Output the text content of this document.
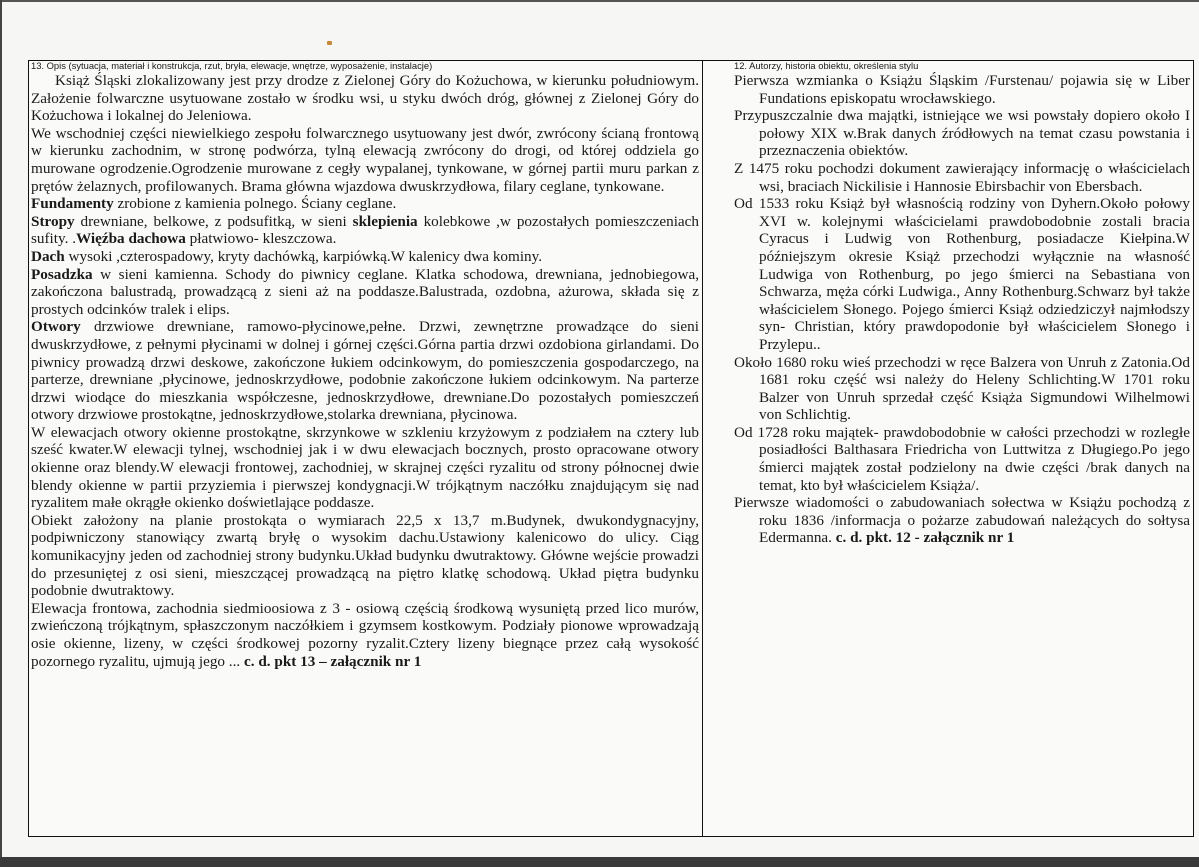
13. Opis (sytuacja, materiał i konstrukcja, rzut, bryła, elewacje, wnętrze, wyposażenie, instalacje)

Książ Śląski zlokalizowany jest przy drodze z Zielonej Góry do Kożuchowa, w kierunku południowym. Założenie folwarczne usytuowane zostało w środku wsi, u styku dwóch dróg, głównej z Zielonej Góry do Kożuchowa i lokalnej do Jeleniowa.

We wschodniej części niewielkiego zespołu folwarcznego usytuowany jest dwór, zwrócony ścianą frontową w kierunku zachodnim, w stronę podwórza, tylną elewacją zwrócony do drogi, od której oddziela go murowane ogrodzenie.Ogrodzenie murowane z cegły wypalanej, tynkowane, w górnej partii muru parkan z prętów żelaznych, profilowanych. Brama główna wjazdowa dwuskrzydłowa, filary ceglane, tynkowane.

Fundamenty zrobione z kamienia polnego. Ściany ceglane.

Stropy drewniane, belkowe, z podsufitką, w sieni sklepienia kolebkowe ,w pozostałych pomieszczeniach sufity. .Więźba dachowa płatwiowo- kleszczowa.

Dach wysoki ,czterospadowy, kryty dachówką, karpiówką.W kalenicy dwa kominy.

Posadzka w sieni kamienna. Schody do piwnicy ceglane. Klatka schodowa, drewniana, jednobiegowa, zakończona balustradą, prowadzącą z sieni aż na poddasze.Balustrada, ozdobna, ażurowa, składa się z prostych odcinków tralek i elips.

Otwory drzwiowe drewniane, ramowo-płycinowe,pełne. Drzwi, zewnętrzne prowadzące do sieni dwuskrzydłowe, z pełnymi płycinami w dolnej i górnej części.Górna partia drzwi ozdobiona girlandami. Do piwnicy prowadzą drzwi deskowe, zakończone łukiem odcinkowym, do pomieszczenia gospodarczego, na parterze, drewniane ,płycinowe, jednoskrzydłowe, podobnie zakończone łukiem odcinkowym. Na parterze drzwi wiodące do mieszkania współczesne, jednoskrzydłowe, drewniane.Do pozostałych pomieszczeń otwory drzwiowe prostokątne, jednoskrzydłowe,stolarka drewniana, płycinowa.

W elewacjach otwory okienne prostokątne, skrzynkowe w szkleniu krzyżowym z podziałem na cztery lub sześć kwater.W elewacji tylnej, wschodniej jak i w dwu elewacjach bocznych, prosto opracowane otwory okienne oraz blendy.W elewacji frontowej, zachodniej, w skrajnej części ryzalitu od strony północnej dwie blendy okienne w partii przyziemia i pierwszej kondygnacji.W trójkątnym naczółku znajdującym się nad ryzalitem małe okrągłe okienko doświetlające poddasze.

Obiekt założony na planie prostokąta o wymiarach 22,5 x 13,7 m.Budynek, dwukondygnacyjny, podpiwniczony stanowiący zwartą bryłę o wysokim dachu.Ustawiony kalenicowo do ulicy. Ciąg komunikacyjny jeden od zachodniej strony budynku.Układ budynku dwutraktowy. Główne wejście prowadzi do przesuniętej z osi sieni, mieszczącej prowadzącą na piętro klatkę schodową. Układ piętra budynku podobnie dwutraktowy.

Elewacja frontowa, zachodnia siedmioosiowa z 3 - osiową częścią środkową wysuniętą przed lico murów, zwieńczoną trójkątnym, spłaszczonym naczółkiem i gzymsem kostkowym. Podziały pionowe wprowadzają osie okienne, lizeny, w części środkowej pozorny ryzalit.Cztery lizeny biegnące przez całą wysokość pozornego ryzalitu, ujmują jego ... c. d. pkt 13 – załącznik nr 1

12. Autorzy, historia obiektu, określenia stylu

Pierwsza wzmianka o Książu Śląskim /Furstenau/ pojawia się w Liber Fundations episkopatu wrocławskiego.

Przypuszczalnie dwa majątki, istniejące we wsi powstały dopiero około I połowy XIX w.Brak danych źródłowych na temat czasu powstania i przeznaczenia obiektów.

Z 1475 roku pochodzi dokument zawierający informację o właścicielach wsi, braciach Nickilisie i Hannosie Ebirsbachir von Ebersbach.

Od 1533 roku Książ był własnością rodziny von Dyhern.Około połowy XVI w. kolejnymi właścicielami prawdobodobnie zostali bracia Cyracus i Ludwig von Rothenburg, posiadacze Kiełpina.W późniejszym okresie Książ przechodzi wyłącznie na własność Ludwiga von Rothenburg, po jego śmierci na Sebastiana von Schwarza, męża córki Ludwiga., Anny Rothenburg.Schwarz był także właścicielem Słonego. Pojego śmierci Książ odziedziczył najmłodszy syn- Christian, który prawdopodonie był właścicielem Słonego i Przylepu..

Około 1680 roku wieś przechodzi w ręce Balzera von Unruh z Zatonia.Od 1681 roku część wsi należy do Heleny Schlichting.W 1701 roku Balzer von Unruh sprzedał część Książa Sigmundowi Wilhelmowi von Schlichtig.

Od 1728 roku majątek- prawdobodobnie w całości przechodzi w rozległe posiadłości Balthasara Friedricha von Luttwitza z Długiego.Po jego śmierci majątek został podzielony na dwie części /brak danych na temat, kto był właścicielem Książa/.

Pierwsze wiadomości o zabudowaniach sołectwa w Książu pochodzą z roku 1836 /informacja o pożarze zabudowań należących do sołtysa Edermanna. c. d. pkt. 12 - załącznik nr 1
